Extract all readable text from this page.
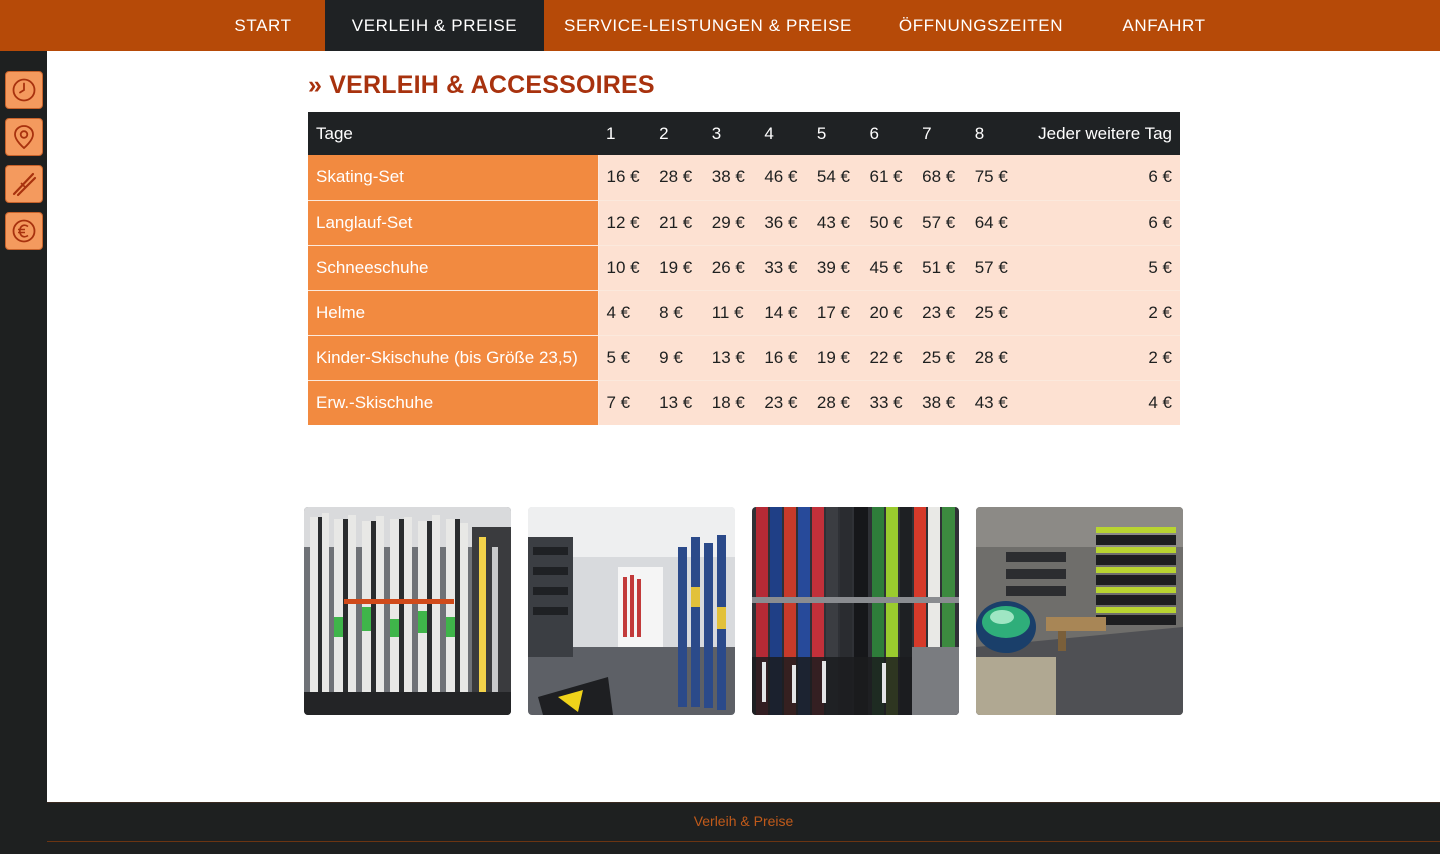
START	VERLEIH & PREISE	SERVICE-LEISTUNGEN & PREISE	ÖFFNUNGSZEITEN	ANFAHRT
» VERLEIH & ACCESSOIRES
Tage	1	2	3	4	5	6	7	8	Jeder weitere Tag
Skating-Set	16 €	28 €	38 €	46 €	54 €	61 €	68 €	75 €	6 €
Langlauf-Set	12 €	21 €	29 €	36 €	43 €	50 €	57 €	64 €	6 €
Schneeschuhe	10 €	19 €	26 €	33 €	39 €	45 €	51 €	57 €	5 €
Helme	4 €	8 €	11 €	14 €	17 €	20 €	23 €	25 €	2 €
Kinder-Skischuhe (bis Größe 23,5)	5 €	9 €	13 €	16 €	19 €	22 €	25 €	28 €	2 €
Erw.-Skischuhe	7 €	13 €	18 €	23 €	28 €	33 €	38 €	43 €	4 €
Verleih & Preise
